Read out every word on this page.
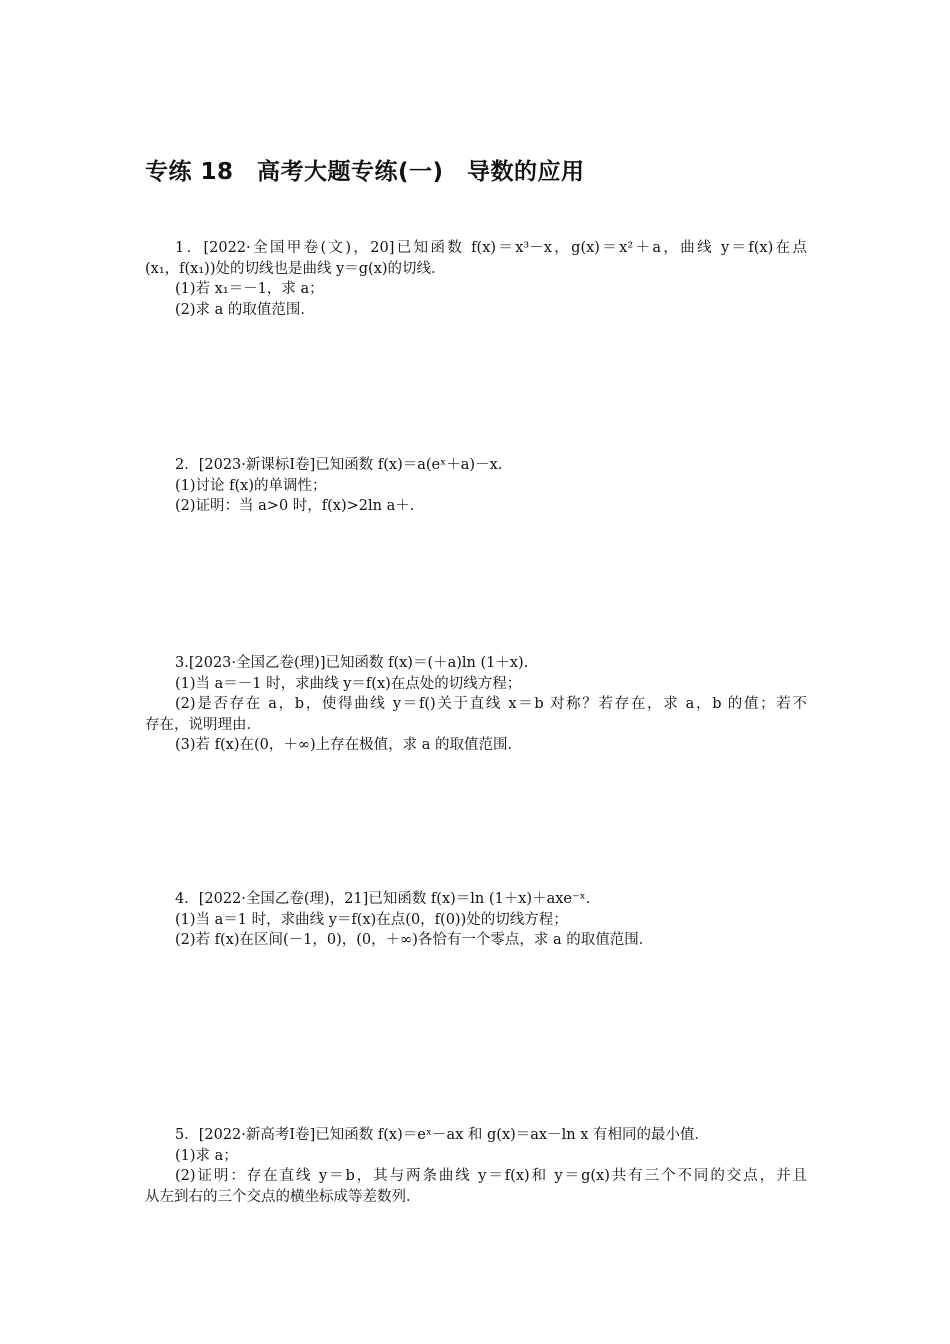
专练 18　高考大题专练(一)　导数的应用
1．[2022·全国甲卷(文)，20]已知函数 f(x)＝x³－x，g(x)＝x²＋a，曲线 y＝f(x)在点
(x₁，f(x₁))处的切线也是曲线 y＝g(x)的切线．
(1)若 x₁＝－1，求 a；
(2)求 a 的取值范围．
2．[2023·新课标Ⅰ卷]已知函数 f(x)＝a(eˣ＋a)－x.
(1)讨论 f(x)的单调性；
(2)证明：当 a>0 时，f(x)>2ln a＋.
3.[2023·全国乙卷(理)]已知函数 f(x)＝(＋a)ln (1＋x).
(1)当 a＝－1 时，求曲线 y＝f(x)在点处的切线方程；
(2)是否存在 a，b，使得曲线 y＝f()关于直线 x＝b 对称？若存在，求 a，b 的值；若不
存在，说明理由．
(3)若 f(x)在(0，＋∞)上存在极值，求 a 的取值范围．
4．[2022·全国乙卷(理)，21]已知函数 f(x)＝ln (1＋x)＋axe⁻ˣ.
(1)当 a＝1 时，求曲线 y＝f(x)在点(0，f(0))处的切线方程；
(2)若 f(x)在区间(－1，0)，(0，＋∞)各恰有一个零点，求 a 的取值范围．
5．[2022·新高考Ⅰ卷]已知函数 f(x)＝eˣ－ax 和 g(x)＝ax－ln x 有相同的最小值．
(1)求 a；
(2)证明：存在直线 y＝b，其与两条曲线 y＝f(x)和 y＝g(x)共有三个不同的交点，并且
从左到右的三个交点的横坐标成等差数列．
